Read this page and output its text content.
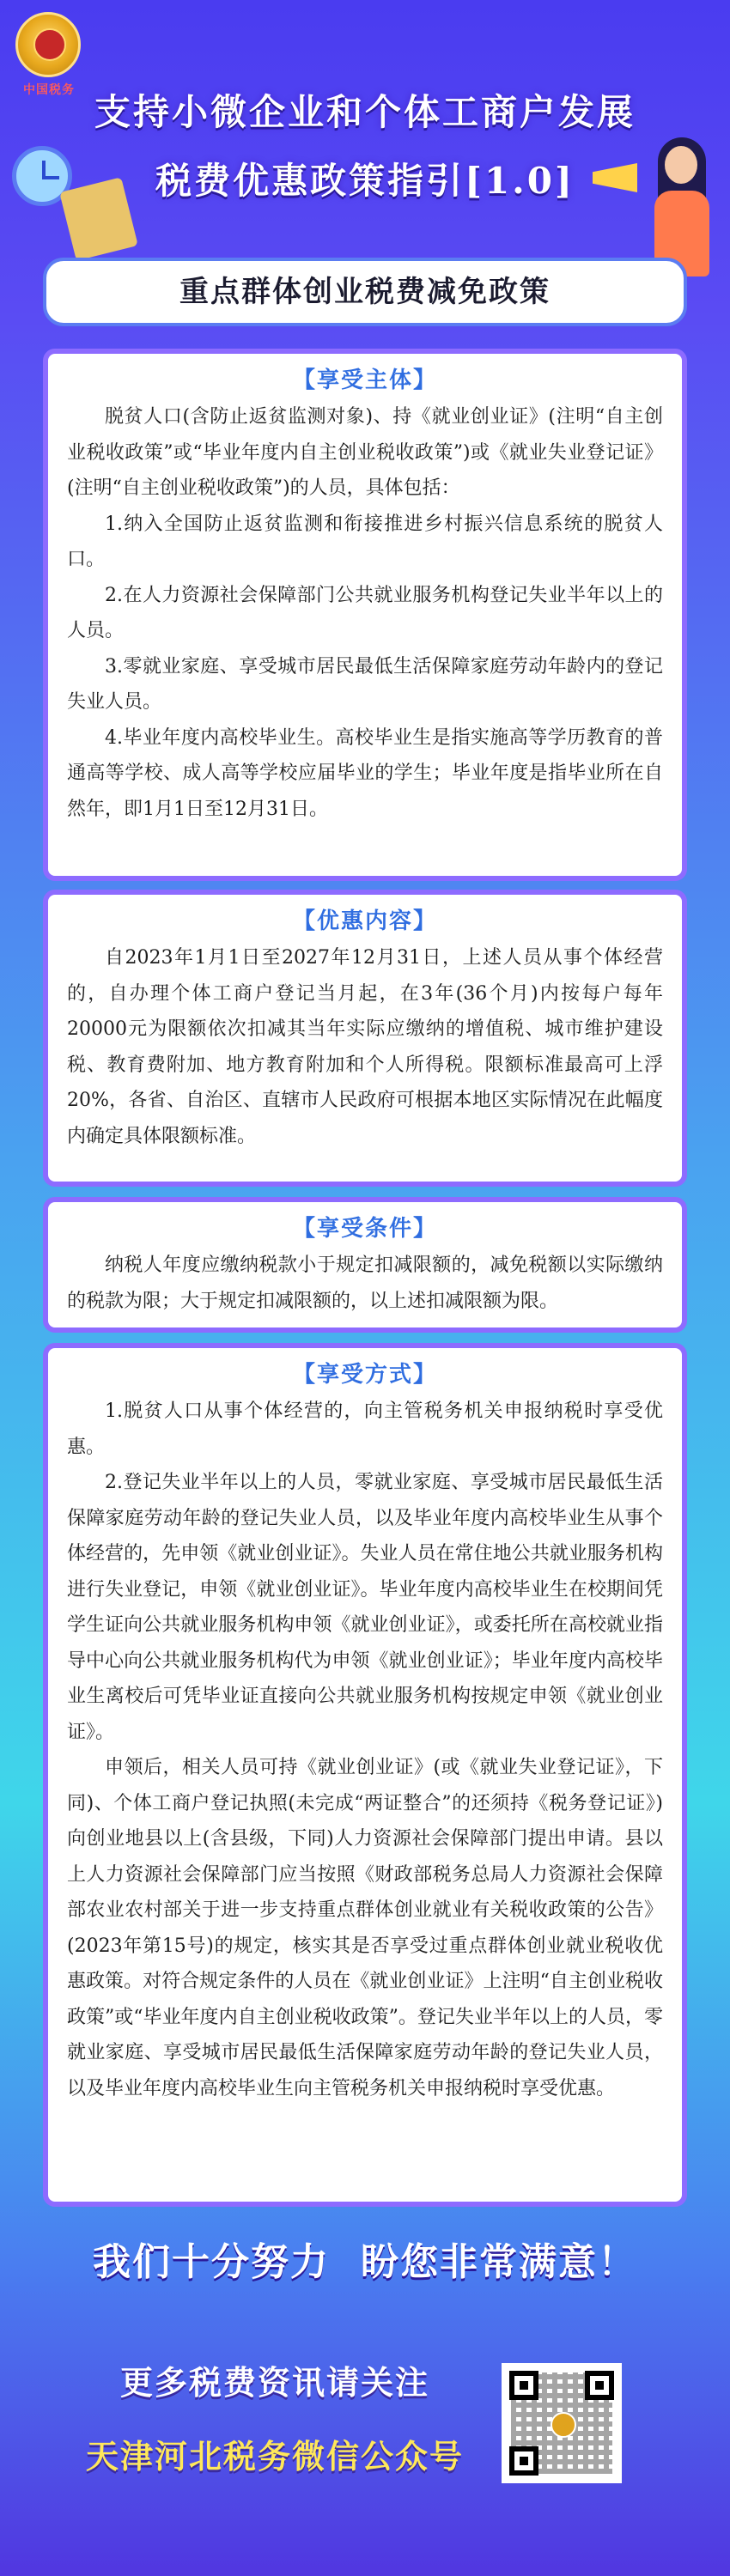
中国税务
支持小微企业和个体工商户发展
税费优惠政策指引[1.0]
重点群体创业税费减免政策
【享受主体】

脱贫人口(含防止返贫监测对象)、持《就业创业证》(注明“自主创业税收政策”或“毕业年度内自主创业税收政策”)或《就业失业登记证》(注明“自主创业税收政策”)的人员，具体包括：

1.纳入全国防止返贫监测和衔接推进乡村振兴信息系统的脱贫人口。

2.在人力资源社会保障部门公共就业服务机构登记失业半年以上的人员。

3.零就业家庭、享受城市居民最低生活保障家庭劳动年龄内的登记失业人员。

4.毕业年度内高校毕业生。高校毕业生是指实施高等学历教育的普通高等学校、成人高等学校应届毕业的学生；毕业年度是指毕业所在自然年，即1月1日至12月31日。

【优惠内容】

自2023年1月1日至2027年12月31日，上述人员从事个体经营的，自办理个体工商户登记当月起，在3年(36个月)内按每户每年20000元为限额依次扣减其当年实际应缴纳的增值税、城市维护建设税、教育费附加、地方教育附加和个人所得税。限额标准最高可上浮20%，各省、自治区、直辖市人民政府可根据本地区实际情况在此幅度内确定具体限额标准。

【享受条件】

纳税人年度应缴纳税款小于规定扣减限额的，减免税额以实际缴纳的税款为限；大于规定扣减限额的，以上述扣减限额为限。

【享受方式】

1.脱贫人口从事个体经营的，向主管税务机关申报纳税时享受优惠。

2.登记失业半年以上的人员，零就业家庭、享受城市居民最低生活保障家庭劳动年龄的登记失业人员，以及毕业年度内高校毕业生从事个体经营的，先申领《就业创业证》。失业人员在常住地公共就业服务机构进行失业登记，申领《就业创业证》。毕业年度内高校毕业生在校期间凭学生证向公共就业服务机构申领《就业创业证》，或委托所在高校就业指导中心向公共就业服务机构代为申领《就业创业证》；毕业年度内高校毕业生离校后可凭毕业证直接向公共就业服务机构按规定申领《就业创业证》。

申领后，相关人员可持《就业创业证》(或《就业失业登记证》，下同)、个体工商户登记执照(未完成“两证整合”的还须持《税务登记证》)向创业地县以上(含县级，下同)人力资源社会保障部门提出申请。县以上人力资源社会保障部门应当按照《财政部税务总局人力资源社会保障部农业农村部关于进一步支持重点群体创业就业有关税收政策的公告》(2023年第15号)的规定，核实其是否享受过重点群体创业就业税收优惠政策。对符合规定条件的人员在《就业创业证》上注明“自主创业税收政策”或“毕业年度内自主创业税收政策”。登记失业半年以上的人员，零就业家庭、享受城市居民最低生活保障家庭劳动年龄的登记失业人员，以及毕业年度内高校毕业生向主管税务机关申报纳税时享受优惠。

我们十分努力 盼您非常满意！
更多税费资讯请关注
天津河北税务微信公众号
